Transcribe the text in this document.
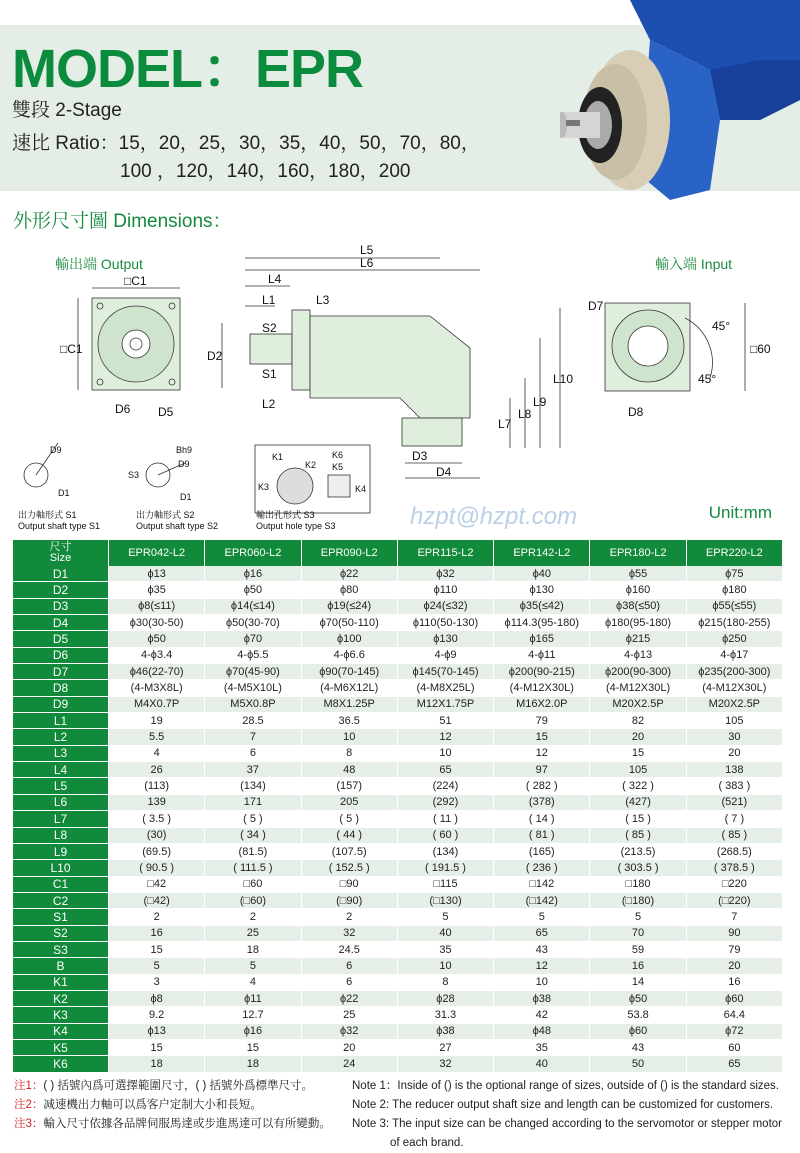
MODEL：EPR
雙段 2-Stage
速比 Ratio：15，20，25，30，35，40，50，70，80，
100 ，120，140，160，180，200
外形尺寸圖 Dimensions：
輸出端 Output	輸入端 Input
□C1
□C1
D6 D5
L5
L6
L4
L1	L3
S2
S1
D2
L2
D3
D4
L7
L8
L9
L10
D7
D8
□60
45°
45°
D9
D1
Bh9
D9
S3
D1
K1
K2
K3	K4
K6
K5
出力軸形式 S1
Output shaft type S1
出力軸形式 S2
Output shaft type S2
輸出孔形式 S3
Output hole type S3	hzpt@hzpt.com	Unit:mm
尺寸
Size	EPR042-L2	EPR060-L2	EPR090-L2	EPR115-L2	EPR142-L2	EPR180-L2	EPR220-L2
D1	ϕ13	ϕ16	ϕ22	ϕ32	ϕ40	ϕ55	ϕ75
D2	ϕ35	ϕ50	ϕ80	ϕ110	ϕ130	ϕ160	ϕ180
D3	ϕ8(≤11)	ϕ14(≤14)	ϕ19(≤24)	ϕ24(≤32)	ϕ35(≤42)	ϕ38(≤50)	ϕ55(≤55)
D4	ϕ30(30-50)	ϕ50(30-70)	ϕ70(50-110)	ϕ110(50-130)	ϕ114.3(95-180)	ϕ180(95-180)	ϕ215(180-255)
D5	ϕ50	ϕ70	ϕ100	ϕ130	ϕ165	ϕ215	ϕ250
D6	4-ϕ3.4	4-ϕ5.5	4-ϕ6.6	4-ϕ9	4-ϕ11	4-ϕ13	4-ϕ17
D7	ϕ46(22-70)	ϕ70(45-90)	ϕ90(70-145)	ϕ145(70-145)	ϕ200(90-215)	ϕ200(90-300)	ϕ235(200-300)
D8	(4-M3X8L)	(4-M5X10L)	(4-M6X12L)	(4-M8X25L)	(4-M12X30L)	(4-M12X30L)	(4-M12X30L)
D9	M4X0.7P	M5X0.8P	M8X1.25P	M12X1.75P	M16X2.0P	M20X2.5P	M20X2.5P
L1	19	28.5	36.5	51	79	82	105
L2	5.5	7	10	12	15	20	30
L3	4	6	8	10	12	15	20
L4	26	37	48	65	97	105	138
L5	(113)	(134)	(157)	(224)	( 282 )	( 322 )	( 383 )
L6	139	171	205	(292)	(378)	(427)	(521)
L7	( 3.5 )	( 5 )	( 5 )	( 11 )	( 14 )	( 15 )	( 7 )
L8	(30)	( 34 )	( 44 )	( 60 )	( 81 )	( 85 )	( 85 )
L9	(69.5)	(81.5)	(107.5)	(134)	(165)	(213.5)	(268.5)
L10	( 90.5 )	( 111.5 )	( 152.5 )	( 191.5 )	( 236 )	( 303.5 )	( 378.5 )
C1	□42	□60	□90	□115	□142	□180	□220
C2	(□42)	(□60)	(□90)	(□130)	(□142)	(□180)	(□220)
S1	2	2	2	5	5	5	7
S2	16	25	32	40	65	70	90
S3	15	18	24.5	35	43	59	79
B	5	5	6	10	12	16	20
K1	3	4	6	8	10	14	16
K2	ϕ8	ϕ11	ϕ22	ϕ28	ϕ38	ϕ50	ϕ60
K3	9.2	12.7	25	31.3	42	53.8	64.4
K4	ϕ13	ϕ16	ϕ32	ϕ38	ϕ48	ϕ60	ϕ72
K5	15	15	20	27	35	43	60
K6	18	18	24	32	40	50	65
注1：( ) 括號內爲可選擇範圍尺寸，( ) 括號外爲標準尺寸。
注2：减速機出力軸可以爲客户定制大小和長短。
注3：輸入尺寸依據各品牌伺服馬達或步進馬達可以有所變動。
Note 1：Inside of () is the optional range of sizes, outside of () is the standard sizes.
Note 2: The reducer output shaft size and length can be customized for customers.
Note 3: The input size can be changed according to the servomotor or stepper motor
of each brand.
